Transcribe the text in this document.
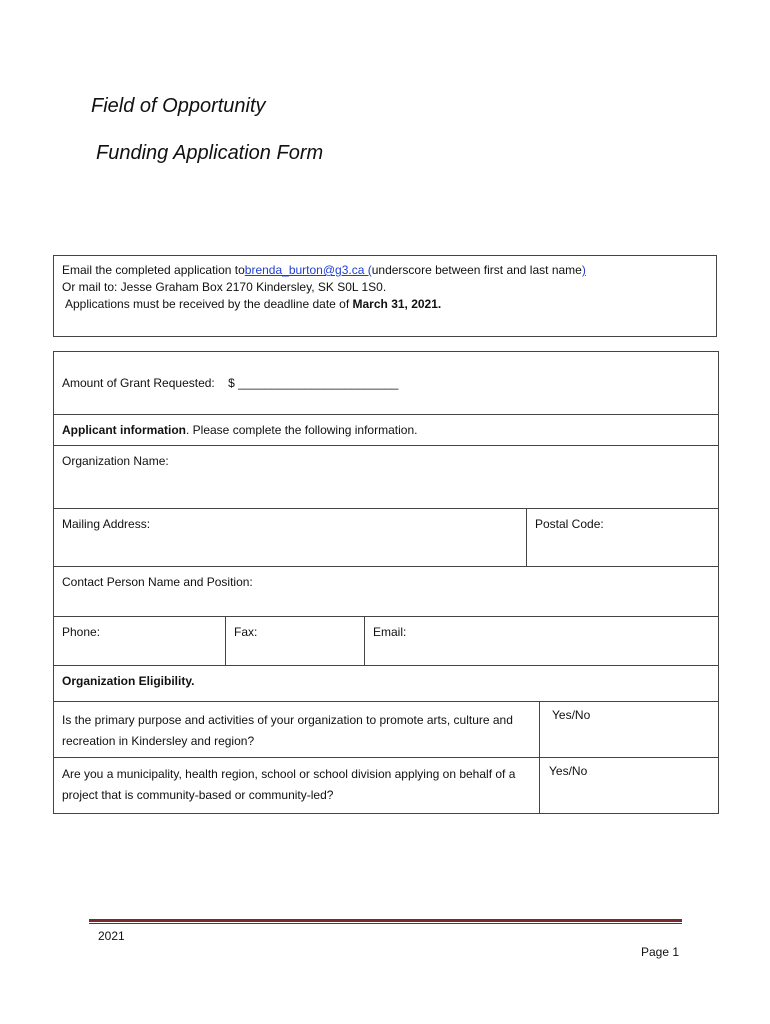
Field of Opportunity
Funding Application Form
Email the completed application tobrenda_burton@g3.ca (underscore between first and last name)
Or mail to: Jesse Graham Box 2170 Kindersley, SK S0L 1S0.
Applications must be received by the deadline date of March 31, 2021.
Amount of Grant Requested: $ ________________________
Applicant information. Please complete the following information.
Organization Name:
Mailing Address:	Postal Code:
Contact Person Name and Position:
Phone:	Fax:	Email:
Organization Eligibility.
Is the primary purpose and activities of your organization to promote arts, culture and recreation in Kindersley and region?
Yes/No
Are you a municipality, health region, school or school division applying on behalf of a project that is community-based or community-led?
Yes/No
2021
Page 1
